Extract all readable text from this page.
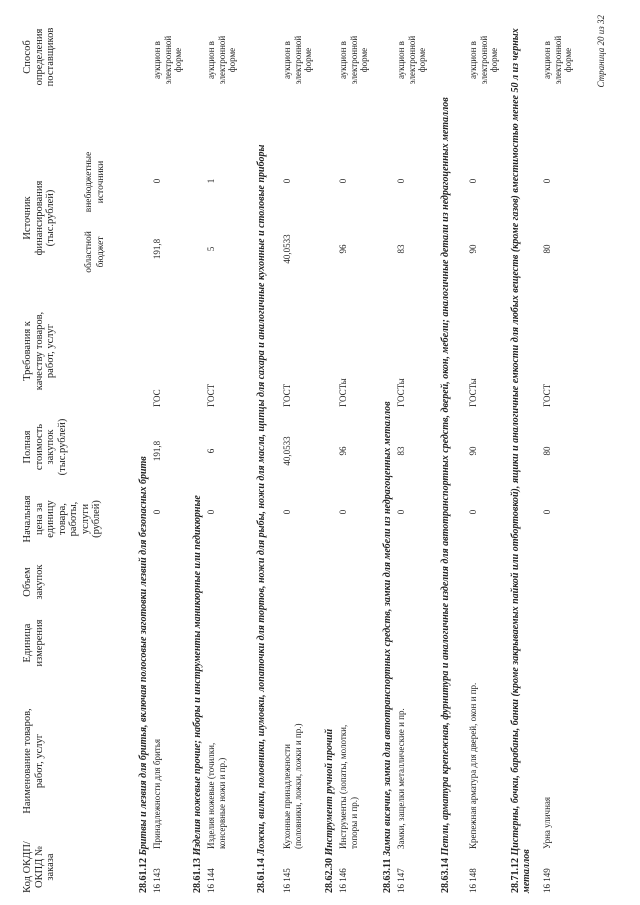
Код ОКДП/ ОКПД № заказа
Наименование товаров, работ, услуг
Единица измерения
Объем закупок
Начальная цена за единицу товара, работы, услуги (рублей)
Полная стоимость закупок (тыс.рублей)
Требования к качеству товаров, работ, услуг
Источник финансирования (тыс.рублей)
областной бюджет
внебюджетные источники
Способ определения поставщиков
28.61.12 Бритвы и лезвия для бритья, включая полосовые заготовки лезвий для безопасных бритв
16 143
Принадлежности для бритья
0
191,8
ГОС
191,8
0
аукцион в электронной форме
28.61.13 Изделия ножевые прочие; наборы и инструменты маникюрные или педикюрные
16 144
Изделия ножевые (точилки, консервные ножи и пр.)
0
6
ГОСТ
5
1
аукцион в электронной форме
28.61.14 Ложки, вилки, половники, шумовки, лопаточки для тортов, ножи для рыбы, ножи для масла, щипцы для сахара и аналогичные кухонные и столовые приборы
16 145
Кухонные принадлежности (половники, ложки, ложки и пр.)
0
40,0533
ГОСТ
40,0533
0
аукцион в электронной форме
28.62.30 Инструмент ручной прочий
16 146
Инструменты (лопаты, молотки, топоры и пр.)
0
96
ГОСТы
96
0
аукцион в электронной форме
28.63.11 Замки висячие, замки для автотранспортных средств, замки для мебели из недрагоценных металлов
16 147
Замки, защелки металлические и пр.
0
83
ГОСТы
83
0
аукцион в электронной форме
28.63.14 Петли, арматура крепежная, фурнитура и аналогичные изделия для автотранспортных средств, дверей, окон, мебели; аналогичные детали из недрагоценных металлов
16 148
Крепежная арматура для дверей, окон и пр.
0
90
ГОСТы
90
0
аукцион в электронной форме
28.71.12 Цистерны, бочки, барабаны, банки (кроме закрываемых пайкой или отбортовкой), ящики и аналогичные емкости для любых веществ (кроме газов) вместимостью менее 50 л из черных металлов 16 149
Урна уличная
0
80
ГОСТ
80
0
аукцион в электронной форме	Страница 20 из 32
